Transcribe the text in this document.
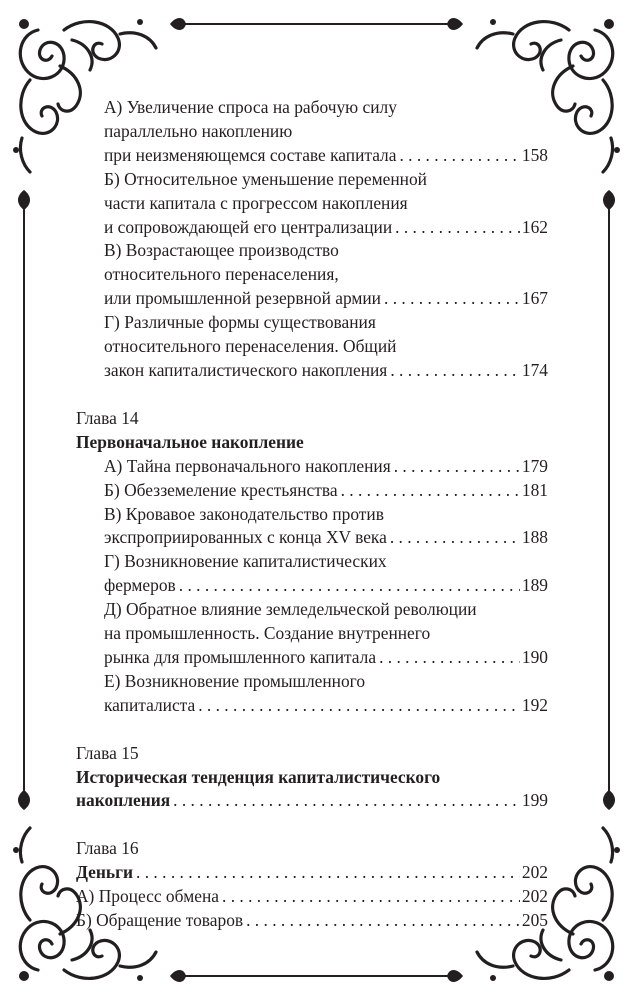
А) Увеличение спроса на рабочую силу
параллельно накоплению
при неизменяющемся составе капитала . . .	158
Б) Относительное уменьшение переменной
части капитала с прогрессом накопления
и сопровождающей его централизации . . .	162
В) Возрастающее производство
относительного перенаселения,
или промышленной резервной армии . . .	167
Г) Различные формы существования
относительного перенаселения. Общий
закон капиталистического накопления . . .	174
Глава 14
Первоначальное накопление
А) Тайна первоначального накопления . . .	179
Б) Обезземеление крестьянства . . .	181
В) Кровавое законодательство против
экспроприированных с конца XV века . . .	188
Г) Возникновение капиталистических
фермеров . . .	189
Д) Обратное влияние земледельческой революции
на промышленность. Создание внутреннего
рынка для промышленного капитала . . .	190
Е) Возникновение промышленного
капиталиста . . .	192
Глава 15
Историческая тенденция капиталистического
накопления . . .	199
Глава 16
Деньги . . .	202
А) Процесс обмена . . .	202
Б) Обращение товаров . . .	205
